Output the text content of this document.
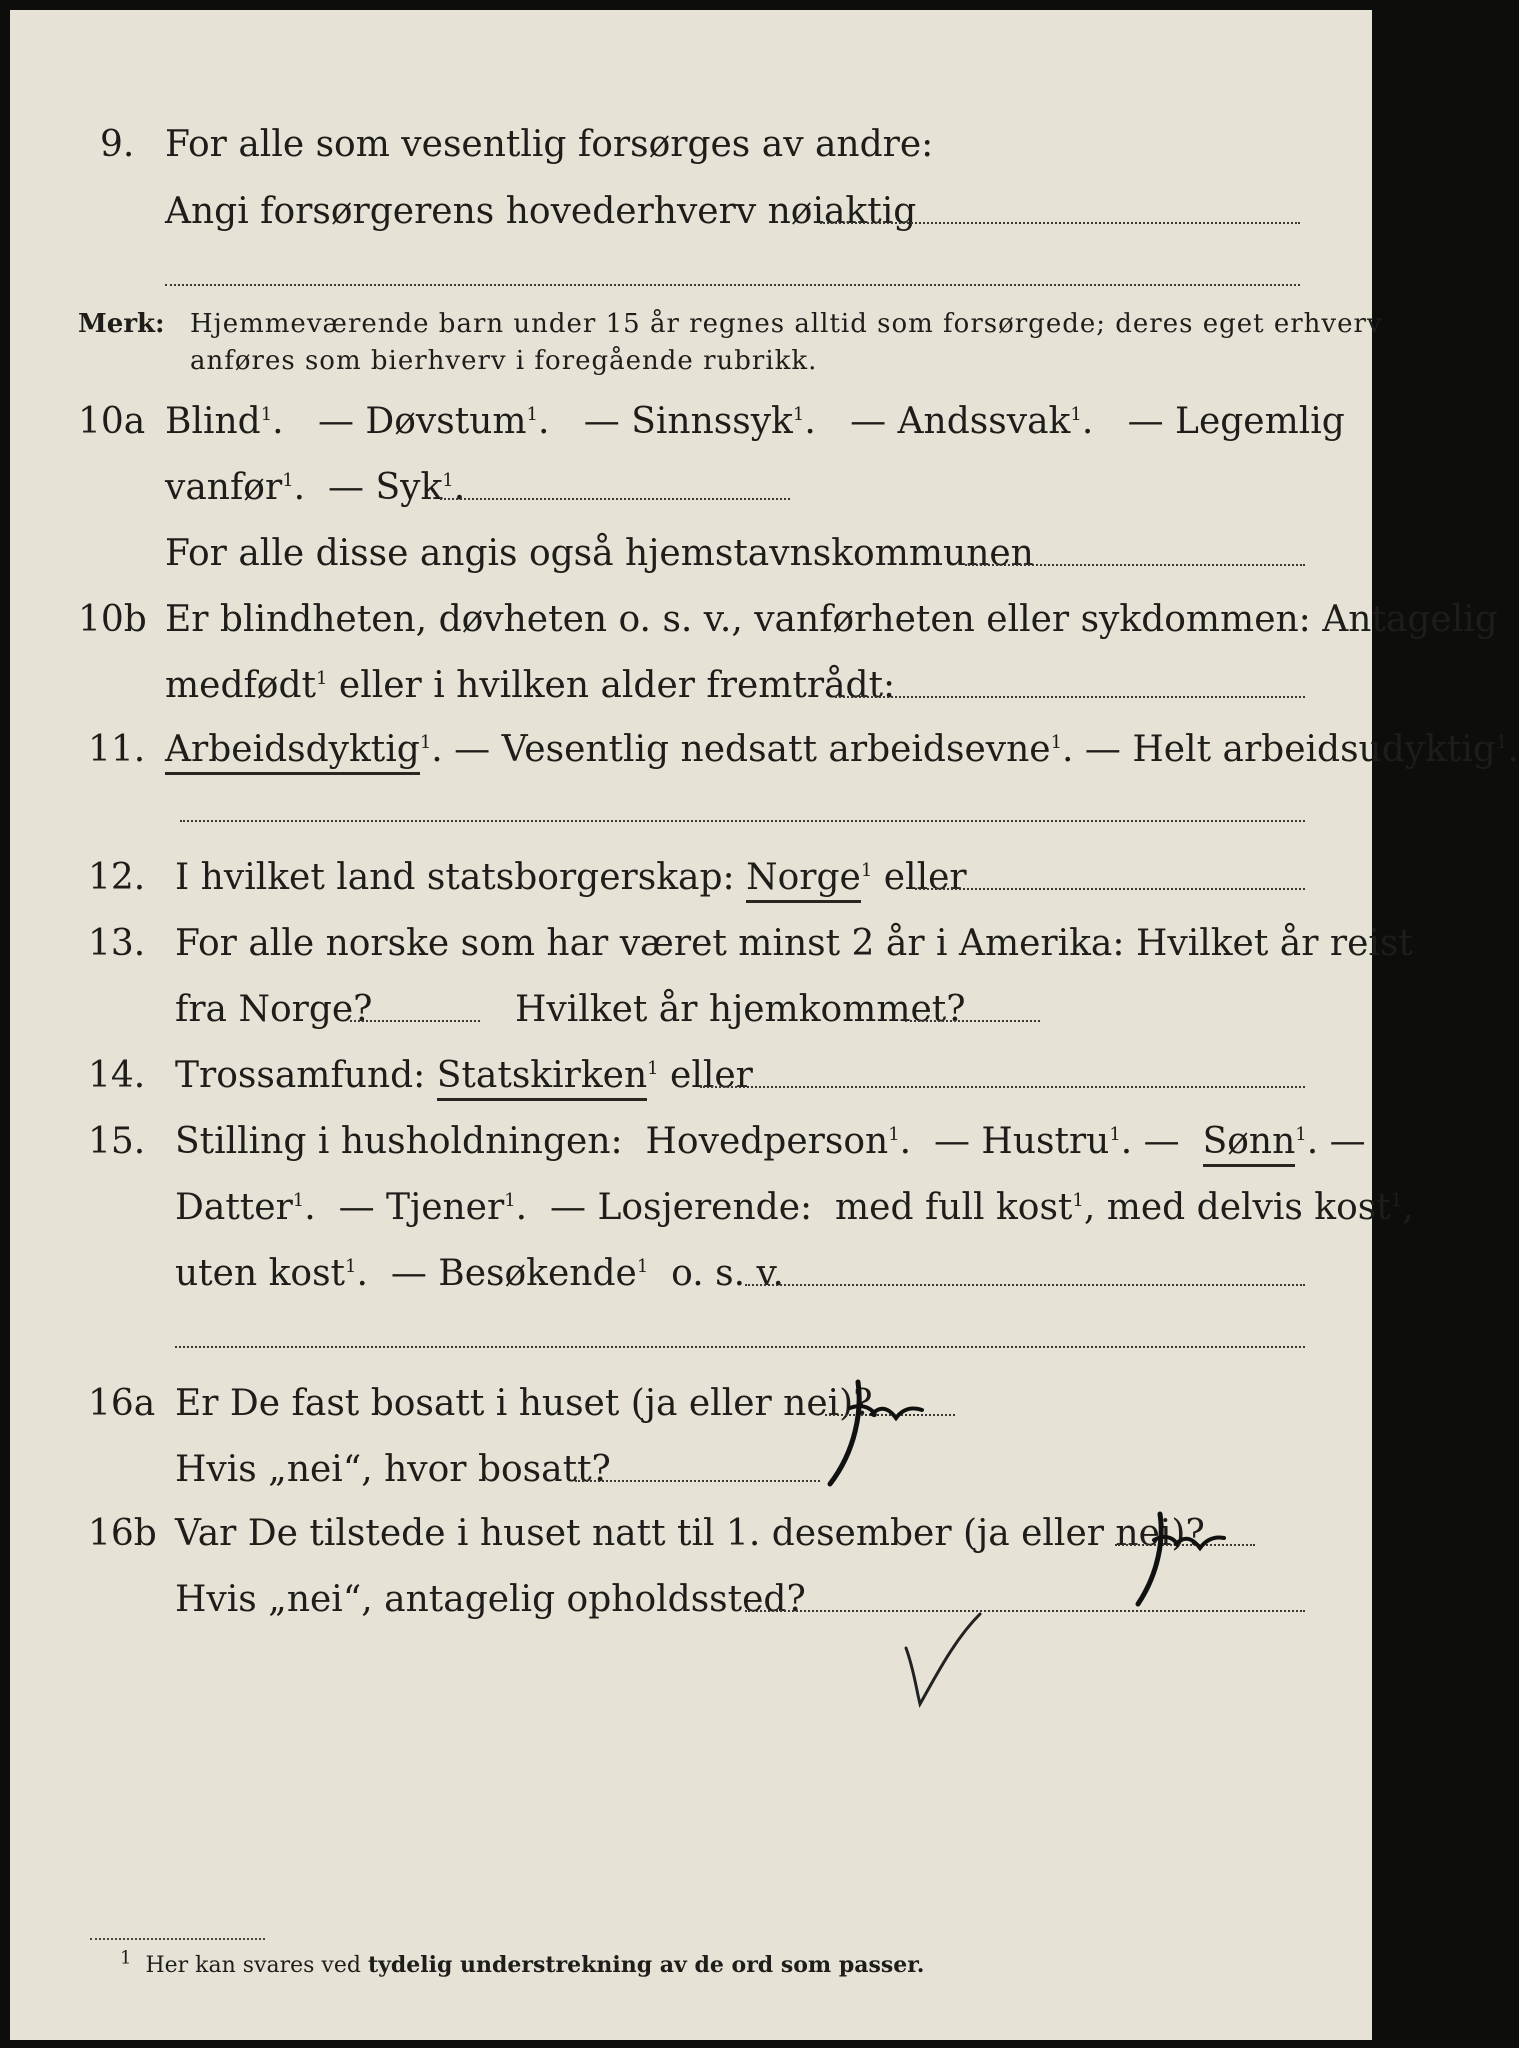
9. For alle som vesentlig forsørges av andre:
Angi forsørgerens hovederhverv nøiaktig
Merk: Hjemmeværende barn under 15 år regnes alltid som forsørgede; deres eget erhverv
anføres som bierhverv i foregående rubrikk.
10a Blind$^1$.   — Døvstum$^1$.   — Sinnssyk$^1$.   — Andssvak$^1$.   — Legemlig
vanfør$^1$.  — Syk$^1$.
For alle disse angis også hjemstavnskommunen
10b Er blindheten, døvheten o. s. v., vanførheten eller sykdommen: Antagelig
medfødt$^1$ eller i hvilken alder fremtrådt:
11. Arbeidsdyktig$^1$. — Vesentlig nedsatt arbeidsevne$^1$. — Helt arbeidsudyktig$^1$.
12. I hvilket land statsborgerskap: Norge$^1$ eller
13. For alle norske som har været minst 2 år i Amerika: Hvilket år reist
fra Norge?	Hvilket år hjemkommet?
14. Trossamfund: Statskirken$^1$ eller
15. Stilling i husholdningen: Hovedperson$^1$.  — Hustru$^1$. —  Sønn$^1$. —
Datter$^1$.  — Tjener$^1$.  — Losjerende: med full kost$^1$, med delvis kost$^1$,
uten kost$^1$.  — Besøkende$^1$ o. s. v.
16a Er De fast bosatt i huset (ja eller nei)?
Hvis „nei“, hvor bosatt?
16b Var De tilstede i huset natt til 1. desember (ja eller nei)?
Hvis „nei“, antagelig opholdssted?
$^1$ Her kan svares ved tydelig understrekning av de ord som passer.
